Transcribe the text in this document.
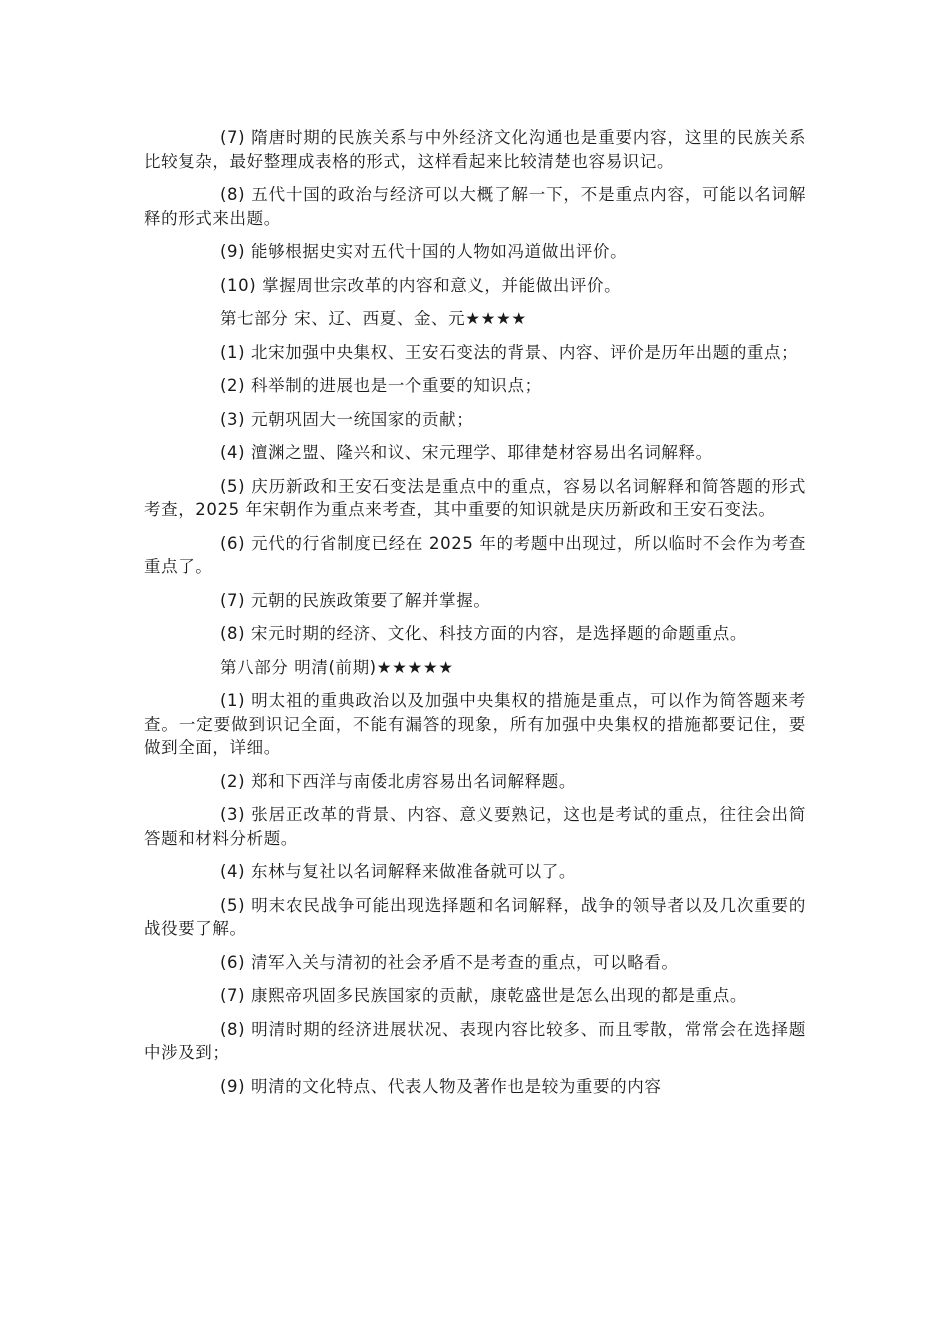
(7) 隋唐时期的民族关系与中外经济文化沟通也是重要内容，这里的民族关系比较复杂，最好整理成表格的形式，这样看起来比较清楚也容易识记。

(8) 五代十国的政治与经济可以大概了解一下，不是重点内容，可能以名词解释的形式来出题。

(9) 能够根据史实对五代十国的人物如冯道做出评价。

(10) 掌握周世宗改革的内容和意义，并能做出评价。

第七部分 宋、辽、西夏、金、元★★★★

(1) 北宋加强中央集权、王安石变法的背景、内容、评价是历年出题的重点；

(2) 科举制的进展也是一个重要的知识点；

(3) 元朝巩固大一统国家的贡献；

(4) 澶渊之盟、隆兴和议、宋元理学、耶律楚材容易出名词解释。

(5) 庆历新政和王安石变法是重点中的重点，容易以名词解释和简答题的形式考查，2025 年宋朝作为重点来考查，其中重要的知识就是庆历新政和王安石变法。

(6) 元代的行省制度已经在 2025 年的考题中出现过，所以临时不会作为考查重点了。

(7) 元朝的民族政策要了解并掌握。

(8) 宋元时期的经济、文化、科技方面的内容，是选择题的命题重点。

第八部分 明清(前期)★★★★★

(1) 明太祖的重典政治以及加强中央集权的措施是重点，可以作为简答题来考查。一定要做到识记全面，不能有漏答的现象，所有加强中央集权的措施都要记住，要做到全面，详细。

(2) 郑和下西洋与南倭北虏容易出名词解释题。

(3) 张居正改革的背景、内容、意义要熟记，这也是考试的重点，往往会出简答题和材料分析题。

(4) 东林与复社以名词解释来做准备就可以了。

(5) 明末农民战争可能出现选择题和名词解释，战争的领导者以及几次重要的战役要了解。

(6) 清军入关与清初的社会矛盾不是考查的重点，可以略看。

(7) 康熙帝巩固多民族国家的贡献，康乾盛世是怎么出现的都是重点。

(8) 明清时期的经济进展状况、表现内容比较多、而且零散，常常会在选择题中涉及到；

(9) 明清的文化特点、代表人物及著作也是较为重要的内容
